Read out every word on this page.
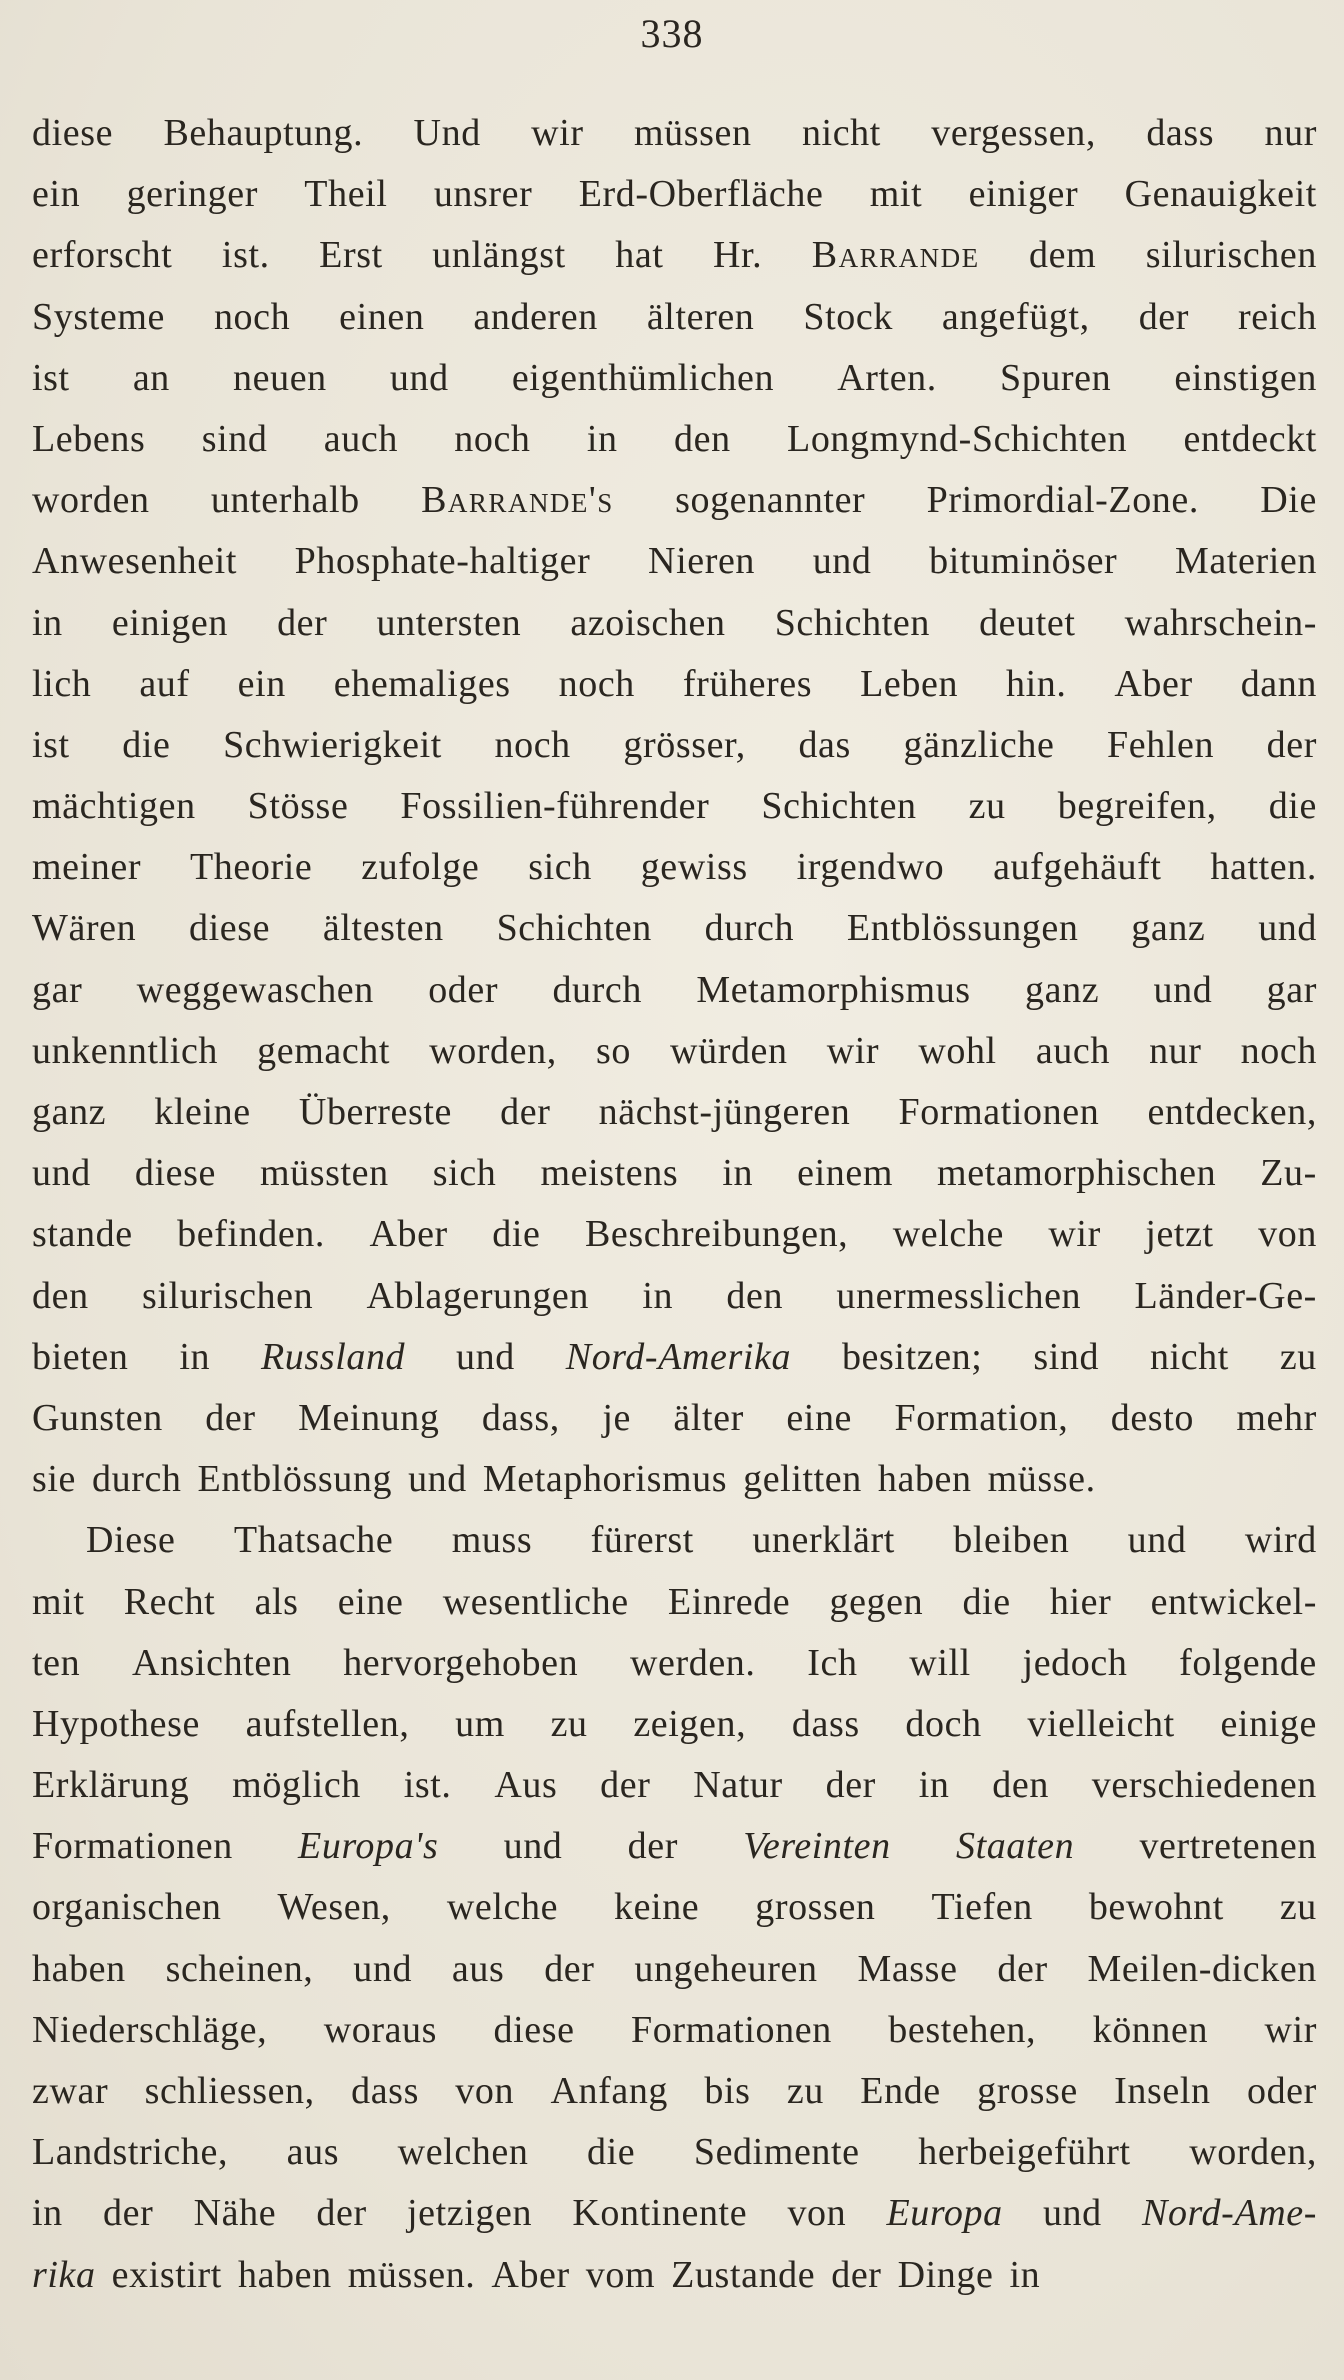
338
diese Behauptung. Und wir müssen nicht vergessen, dass nur
ein geringer Theil unsrer Erd-Oberfläche mit einiger Genauigkeit
erforscht ist. Erst unlängst hat Hr. Barrande dem silurischen
Systeme noch einen anderen älteren Stock angefügt, der reich
ist an neuen und eigenthümlichen Arten. Spuren einstigen
Lebens sind auch noch in den Longmynd-Schichten entdeckt
worden unterhalb Barrande's sogenannter Primordial-Zone. Die
Anwesenheit Phosphate-haltiger Nieren und bituminöser Materien
in einigen der untersten azoischen Schichten deutet wahrschein-
lich auf ein ehemaliges noch früheres Leben hin. Aber dann
ist die Schwierigkeit noch grösser, das gänzliche Fehlen der
mächtigen Stösse Fossilien-führender Schichten zu begreifen, die
meiner Theorie zufolge sich gewiss irgendwo aufgehäuft hatten.
Wären diese ältesten Schichten durch Entblössungen ganz und
gar weggewaschen oder durch Metamorphismus ganz und gar
unkenntlich gemacht worden, so würden wir wohl auch nur noch
ganz kleine Überreste der nächst-jüngeren Formationen entdecken,
und diese müssten sich meistens in einem metamorphischen Zu-
stande befinden. Aber die Beschreibungen, welche wir jetzt von
den silurischen Ablagerungen in den unermesslichen Länder-Ge-
bieten in Russland und Nord-Amerika besitzen; sind nicht zu
Gunsten der Meinung dass, je älter eine Formation, desto mehr
sie durch Entblössung und Metaphorismus gelitten haben müsse.
Diese Thatsache muss fürerst unerklärt bleiben und wird
mit Recht als eine wesentliche Einrede gegen die hier entwickel-
ten Ansichten hervorgehoben werden. Ich will jedoch folgende
Hypothese aufstellen, um zu zeigen, dass doch vielleicht einige
Erklärung möglich ist. Aus der Natur der in den verschiedenen
Formationen Europa's und der Vereinten Staaten vertretenen
organischen Wesen, welche keine grossen Tiefen bewohnt zu
haben scheinen, und aus der ungeheuren Masse der Meilen-dicken
Niederschläge, woraus diese Formationen bestehen, können wir
zwar schliessen, dass von Anfang bis zu Ende grosse Inseln oder
Landstriche, aus welchen die Sedimente herbeigeführt worden,
in der Nähe der jetzigen Kontinente von Europa und Nord-Ame-
rika existirt haben müssen. Aber vom Zustande der Dinge in
